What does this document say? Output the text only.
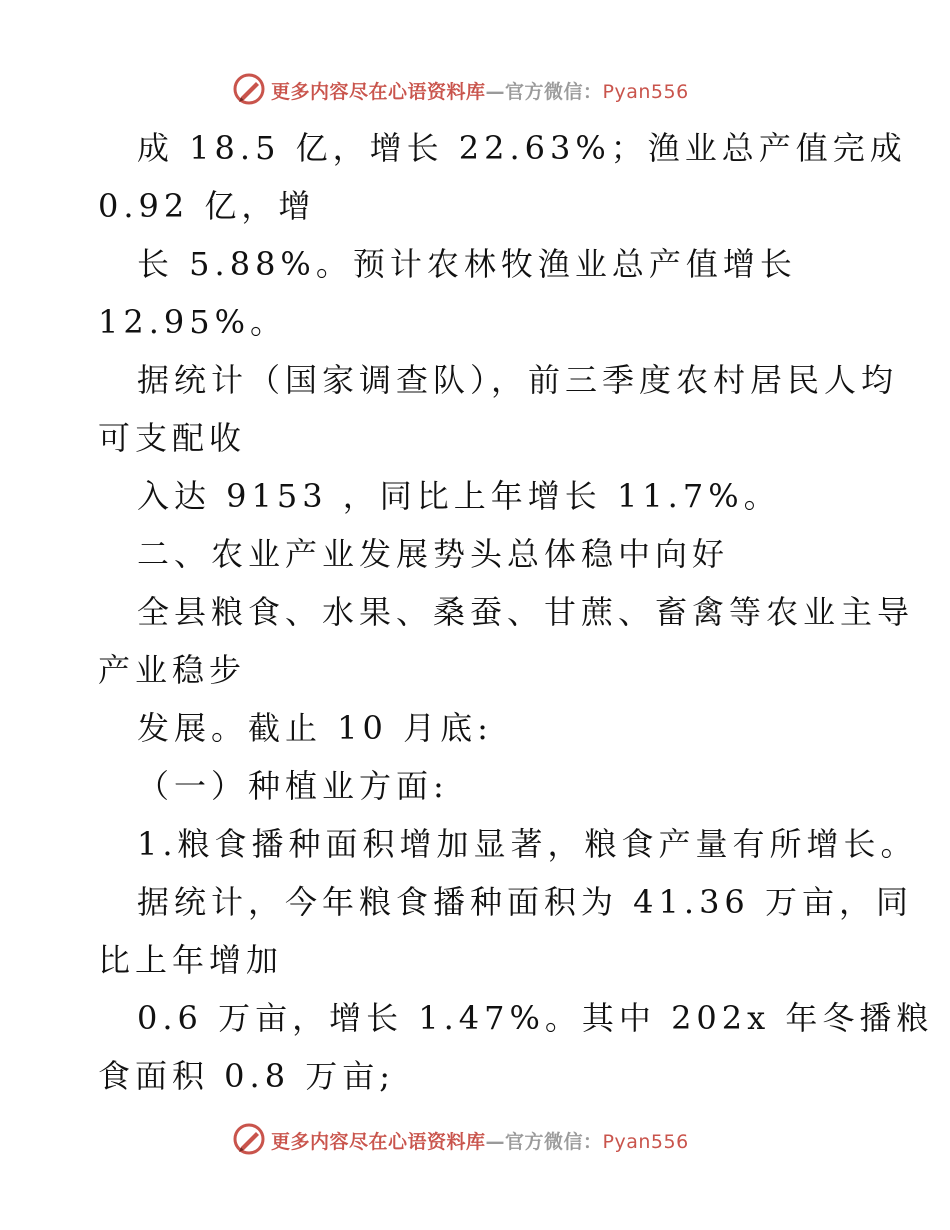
更多内容尽在心语资料库—官方微信：Pyan556
成 18.5 亿，增长 22.63%；渔业总产值完成
0.92 亿，增
长 5.88%。预计农林牧渔业总产值增长
12.95%。
据统计（国家调查队），前三季度农村居民人均
可支配收
入达 9153 ，同比上年增长 11.7%。
二、农业产业发展势头总体稳中向好
全县粮食、水果、桑蚕、甘蔗、畜禽等农业主导
产业稳步
发展。截止 10 月底:
（一）种植业方面:
1.粮食播种面积增加显著，粮食产量有所增长。
据统计，今年粮食播种面积为 41.36 万亩，同
比上年增加
0.6 万亩，增长 1.47%。其中 202x 年冬播粮
食面积 0.8 万亩;
更多内容尽在心语资料库—官方微信：Pyan556
